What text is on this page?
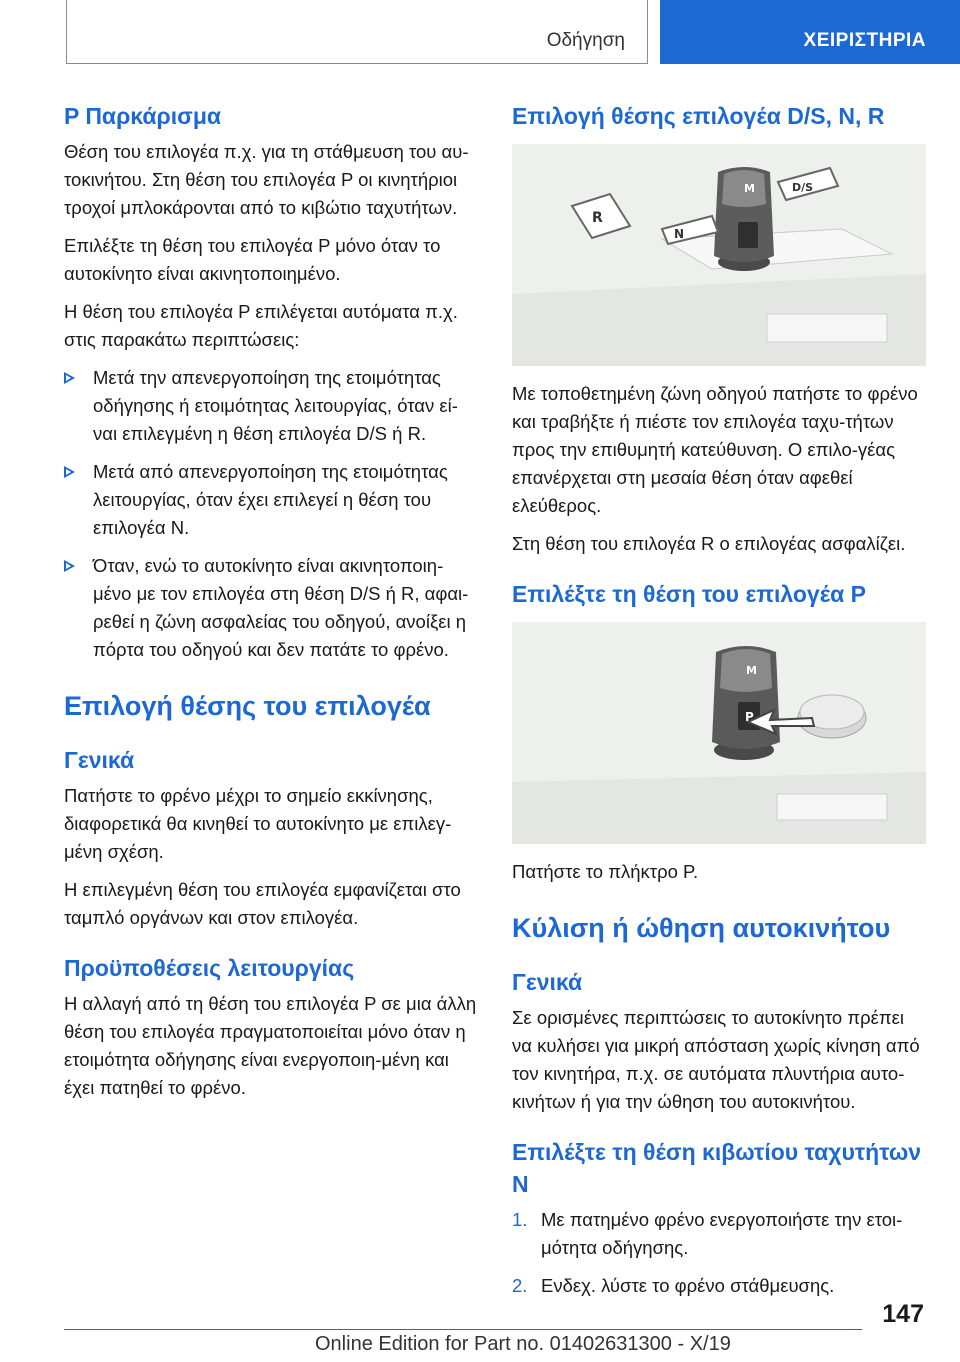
Οδήγηση	ΧΕΙΡΙΣΤΗΡΙΑ
P Παρκάρισμα

Θέση του επιλογέα π.χ. για τη στάθμευση του αυ-τοκινήτου. Στη θέση του επιλογέα P οι κινητήριοι τροχοί μπλοκάρονται από το κιβώτιο ταχυτήτων.

Επιλέξτε τη θέση του επιλογέα P μόνο όταν το αυτοκίνητο είναι ακινητοποιημένο.

Η θέση του επιλογέα P επιλέγεται αυτόματα π.χ. στις παρακάτω περιπτώσεις:

Μετά την απενεργοποίηση της ετοιμότητας οδήγησης ή ετοιμότητας λειτουργίας, όταν εί-ναι επιλεγμένη η θέση επιλογέα D/S ή R.
Μετά από απενεργοποίηση της ετοιμότητας λειτουργίας, όταν έχει επιλεγεί η θέση του επιλογέα N.
Όταν, ενώ το αυτοκίνητο είναι ακινητοποιη-μένο με τον επιλογέα στη θέση D/S ή R, αφαι-ρεθεί η ζώνη ασφαλείας του οδηγού, ανοίξει η πόρτα του οδηγού και δεν πατάτε το φρένο.
Επιλογή θέσης του επιλογέα
Γενικά

Πατήστε το φρένο μέχρι το σημείο εκκίνησης, διαφορετικά θα κινηθεί το αυτοκίνητο με επιλεγ-μένη σχέση.

Η επιλεγμένη θέση του επιλογέα εμφανίζεται στο ταμπλό οργάνων και στον επιλογέα.

Προϋποθέσεις λειτουργίας

Η αλλαγή από τη θέση του επιλογέα P σε μια άλλη θέση του επιλογέα πραγματοποιείται μόνο όταν η ετοιμότητα οδήγησης είναι ενεργοποιη-μένη και έχει πατηθεί το φρένο.

Επιλογή θέσης επιλογέα D/S, N, R
M
R
N
D/S

Με τοποθετημένη ζώνη οδηγού πατήστε το φρένο και τραβήξτε ή πιέστε τον επιλογέα ταχυ-τήτων προς την επιθυμητή κατεύθυνση. Ο επιλο-γέας επανέρχεται στη μεσαία θέση όταν αφεθεί ελεύθερος.

Στη θέση του επιλογέα R ο επιλογέας ασφαλίζει.

Επιλέξτε τη θέση του επιλογέα P
P
M

Πατήστε το πλήκτρο P.

Κύλιση ή ώθηση αυτοκινήτου
Γενικά

Σε ορισμένες περιπτώσεις το αυτοκίνητο πρέπει να κυλήσει για μικρή απόσταση χωρίς κίνηση από τον κινητήρα, π.χ. σε αυτόματα πλυντήρια αυτο-κινήτων ή για την ώθηση του αυτοκινήτου.

Επιλέξτε τη θέση κιβωτίου ταχυτήτων N
1. Με πατημένο φρένο ενεργοποιήστε την ετοι-μότητα οδήγησης.
2. Ενδεχ. λύστε το φρένο στάθμευσης.
147
Online Edition for Part no. 01402631300 - X/19
